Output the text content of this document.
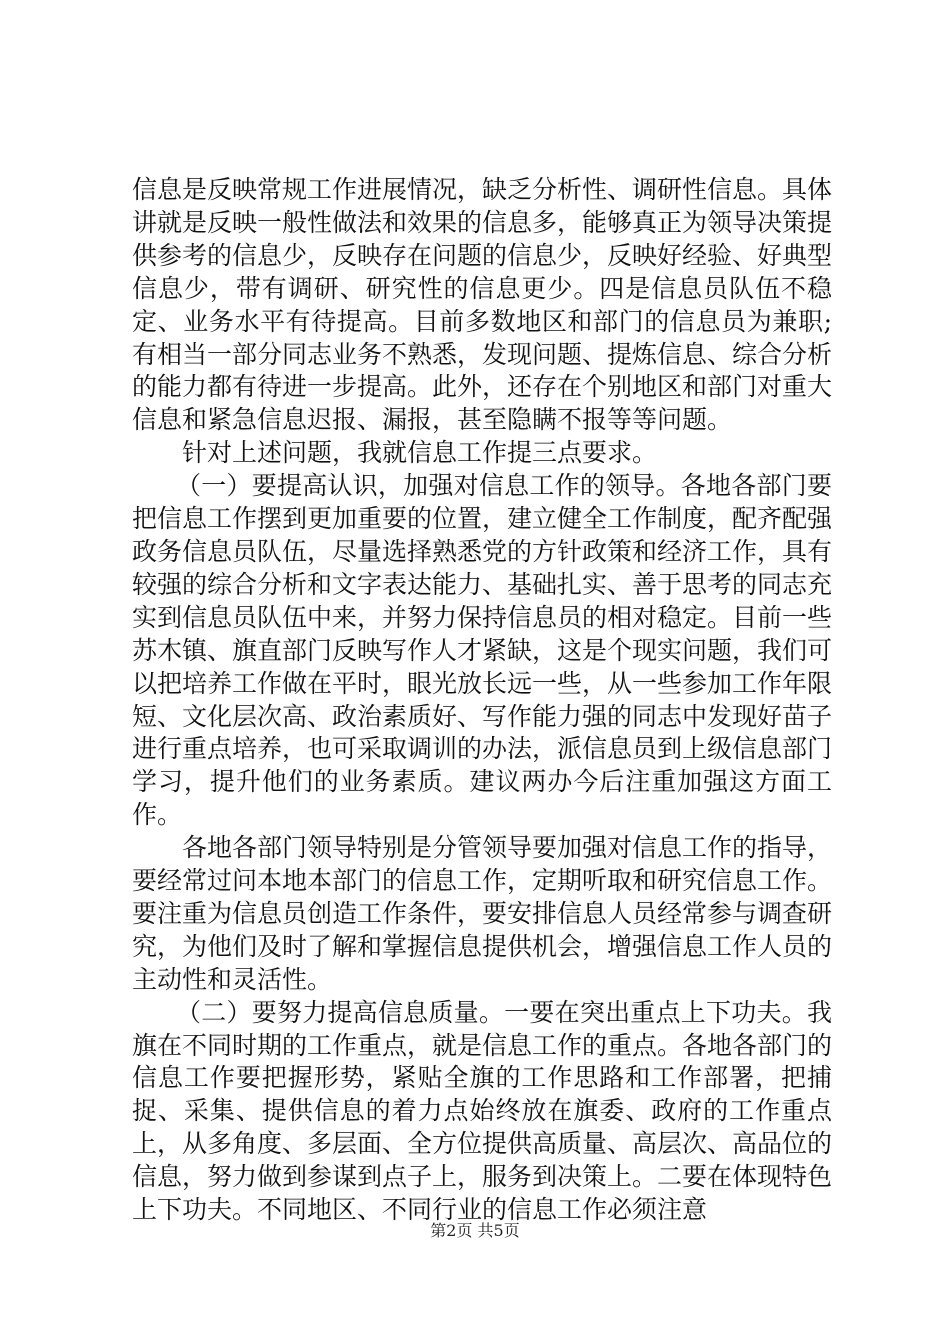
信息是反映常规工作进展情况，缺乏分析性、调研性信息。具体讲就是反映一般性做法和效果的信息多，能够真正为领导决策提供参考的信息少，反映存在问题的信息少，反映好经验、好典型信息少，带有调研、研究性的信息更少。四是信息员队伍不稳定、业务水平有待提高。目前多数地区和部门的信息员为兼职;有相当一部分同志业务不熟悉，发现问题、提炼信息、综合分析的能力都有待进一步提高。此外，还存在个别地区和部门对重大信息和紧急信息迟报、漏报，甚至隐瞒不报等等问题。

针对上述问题，我就信息工作提三点要求。

（一）要提高认识，加强对信息工作的领导。各地各部门要把信息工作摆到更加重要的位置，建立健全工作制度，配齐配强政务信息员队伍，尽量选择熟悉党的方针政策和经济工作，具有较强的综合分析和文字表达能力、基础扎实、善于思考的同志充实到信息员队伍中来，并努力保持信息员的相对稳定。目前一些苏木镇、旗直部门反映写作人才紧缺，这是个现实问题，我们可以把培养工作做在平时，眼光放长远一些，从一些参加工作年限短、文化层次高、政治素质好、写作能力强的同志中发现好苗子进行重点培养，也可采取调训的办法，派信息员到上级信息部门学习，提升他们的业务素质。建议两办今后注重加强这方面工作。

各地各部门领导特别是分管领导要加强对信息工作的指导，要经常过问本地本部门的信息工作，定期听取和研究信息工作。要注重为信息员创造工作条件，要安排信息人员经常参与调查研究，为他们及时了解和掌握信息提供机会，增强信息工作人员的主动性和灵活性。

（二）要努力提高信息质量。一要在突出重点上下功夫。我旗在不同时期的工作重点，就是信息工作的重点。各地各部门的信息工作要把握形势，紧贴全旗的工作思路和工作部署，把捕捉、采集、提供信息的着力点始终放在旗委、政府的工作重点上，从多角度、多层面、全方位提供高质量、高层次、高品位的信息，努力做到参谋到点子上，服务到决策上。二要在体现特色上下功夫。不同地区、不同行业的信息工作必须注意

第2页 共5页
